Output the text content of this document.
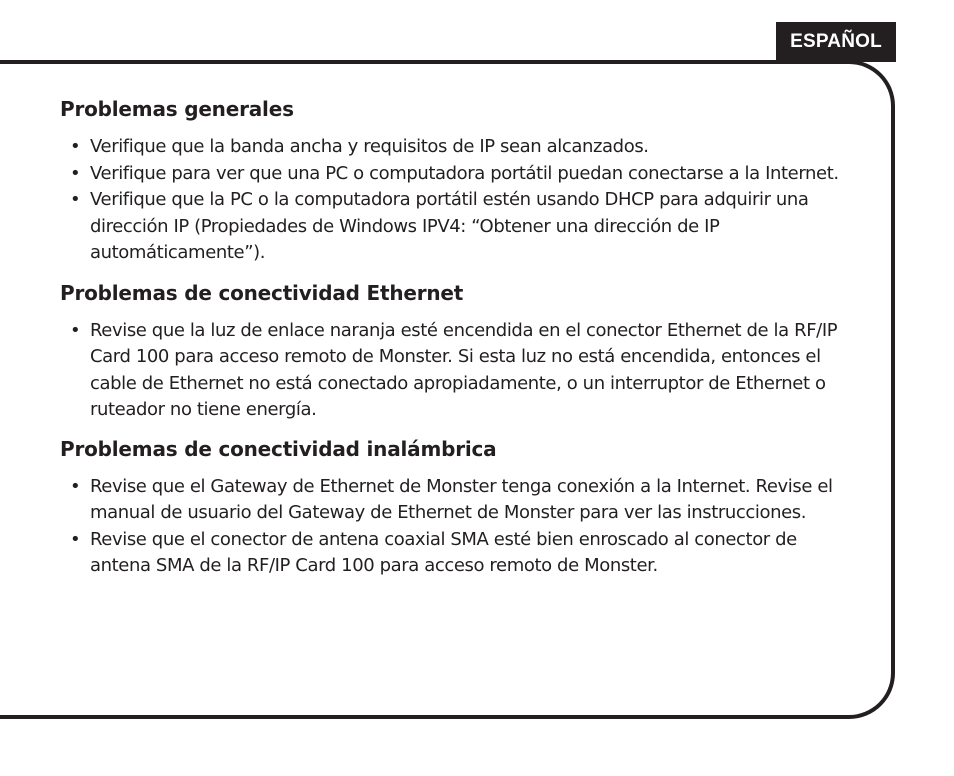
ESPAÑOL
Problemas generales
• Verifique que la banda ancha y requisitos de IP sean alcanzados.
• Verifique para ver que una PC o computadora portátil puedan conectarse a la Internet.
• Verifique que la PC o la computadora portátil estén usando DHCP para adquirir una dirección IP (Propiedades de Windows IPV4: “Obtener una dirección de IP automáticamente”).
Problemas de conectividad Ethernet
• Revise que la luz de enlace naranja esté encendida en el conector Ethernet de la RF/IP Card 100 para acceso remoto de Monster. Si esta luz no está encendida, entonces el cable de Ethernet no está conectado apropiadamente, o un interruptor de Ethernet o ruteador no tiene energía.
Problemas de conectividad inalámbrica
• Revise que el Gateway de Ethernet de Monster tenga conexión a la Internet. Revise el manual de usuario del Gateway de Ethernet de Monster para ver las instrucciones.
• Revise que el conector de antena coaxial SMA esté bien enroscado al conector de antena SMA de la RF/IP Card 100 para acceso remoto de Monster.
